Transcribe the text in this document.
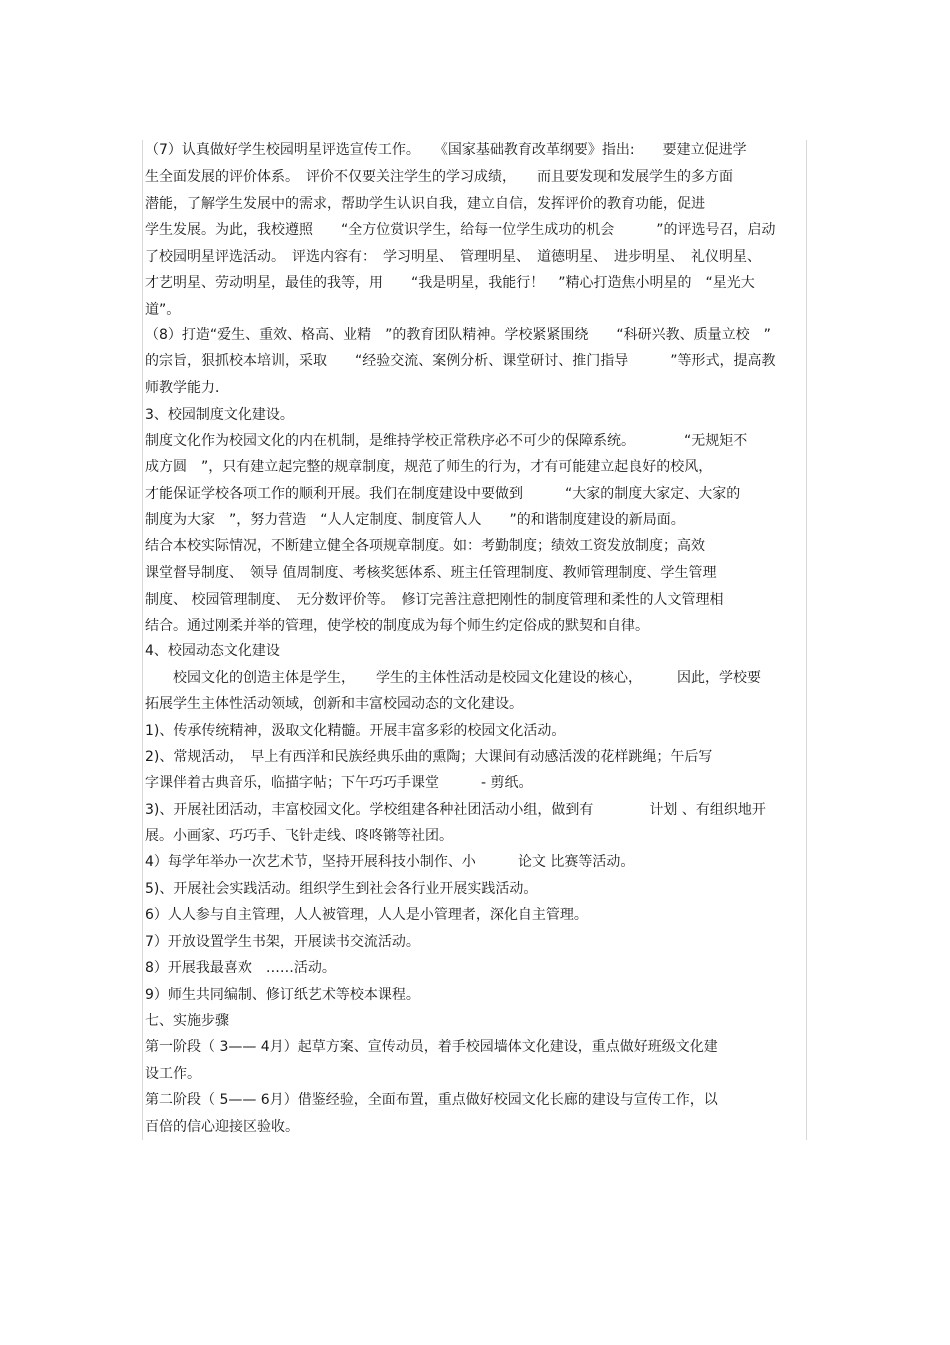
（7）认真做好学生校园明星评选宣传工作。　　《国家基础教育改革纲要》指出:　　要建立促进学
生全面发展的评价体系。　评价不仅要关注学生的学习成绩，　　而且要发现和发展学生的多方面
潜能，了解学生发展中的需求，帮助学生认识自我，建立自信，发挥评价的教育功能，促进
学生发展。为此，我校遵照　　“全方位赏识学生，给每一位学生成功的机会　　　”的评选号召，启动
了校园明星评选活动。　评选内容有：　学习明星、　管理明星、　道德明星、　进步明星、　礼仪明星、
才艺明星、劳动明星，最佳的我等，用　　“我是明星，我能行！　”精心打造焦小明星的　“星光大
道”。
（8）打造“爱生、重效、格高、业精　”的教育团队精神。学校紧紧围绕　　“科研兴教、质量立校　”
的宗旨，狠抓校本培训，采取　　“经验交流、案例分析、课堂研讨、推门指导　　　”等形式，提高教
师教学能力．
3、校园制度文化建设。
制度文化作为校园文化的内在机制，是维持学校正常秩序必不可少的保障系统。　　　　“无规矩不
成方圆　”，只有建立起完整的规章制度，规范了师生的行为，才有可能建立起良好的校风，
才能保证学校各项工作的顺利开展。我们在制度建设中要做到　　　“大家的制度大家定、大家的
制度为大家　”，努力营造　“人人定制度、制度管人人　　”的和谐制度建设的新局面。
结合本校实际情况，不断建立健全各项规章制度。如：考勤制度；绩效工资发放制度；高效
课堂督导制度、　领导 值周制度、考核奖惩体系、班主任管理制度、教师管理制度、学生管理
制度、 校园管理制度、　无分数评价等。　修订完善注意把刚性的制度管理和柔性的人文管理相
结合。通过刚柔并举的管理，使学校的制度成为每个师生约定俗成的默契和自律。
4、校园动态文化建设
　　校园文化的创造主体是学生，　　学生的主体性活动是校园文化建设的核心，　　　因此，学校要
拓展学生主体性活动领域，创新和丰富校园动态的文化建设。
1)、传承传统精神，汲取文化精髓。开展丰富多彩的校园文化活动。
2)、常规活动，　早上有西洋和民族经典乐曲的熏陶；大课间有动感活泼的花样跳绳；午后写
字课伴着古典音乐，临描字帖；下午巧巧手课堂　　　- 剪纸。
3)、开展社团活动，丰富校园文化。学校组建各种社团活动小组，做到有　　　　计划 、有组织地开
展。小画家、巧巧手、飞针走线、咚咚锵等社团。
4）每学年举办一次艺术节，坚持开展科技小制作、小　　　论文 比赛等活动。
5)、开展社会实践活动。组织学生到社会各行业开展实践活动。
6）人人参与自主管理，人人被管理，人人是小管理者，深化自主管理。
7）开放设置学生书架，开展读书交流活动。
8）开展我最喜欢　……活动。
9）师生共同编制、修订纸艺术等校本课程。
七、实施步骤
第一阶段（ 3—— 4月）起草方案、宣传动员，着手校园墙体文化建设，重点做好班级文化建
设工作。
第二阶段（ 5—— 6月）借鉴经验，全面布置，重点做好校园文化长廊的建设与宣传工作，以
百倍的信心迎接区验收。
